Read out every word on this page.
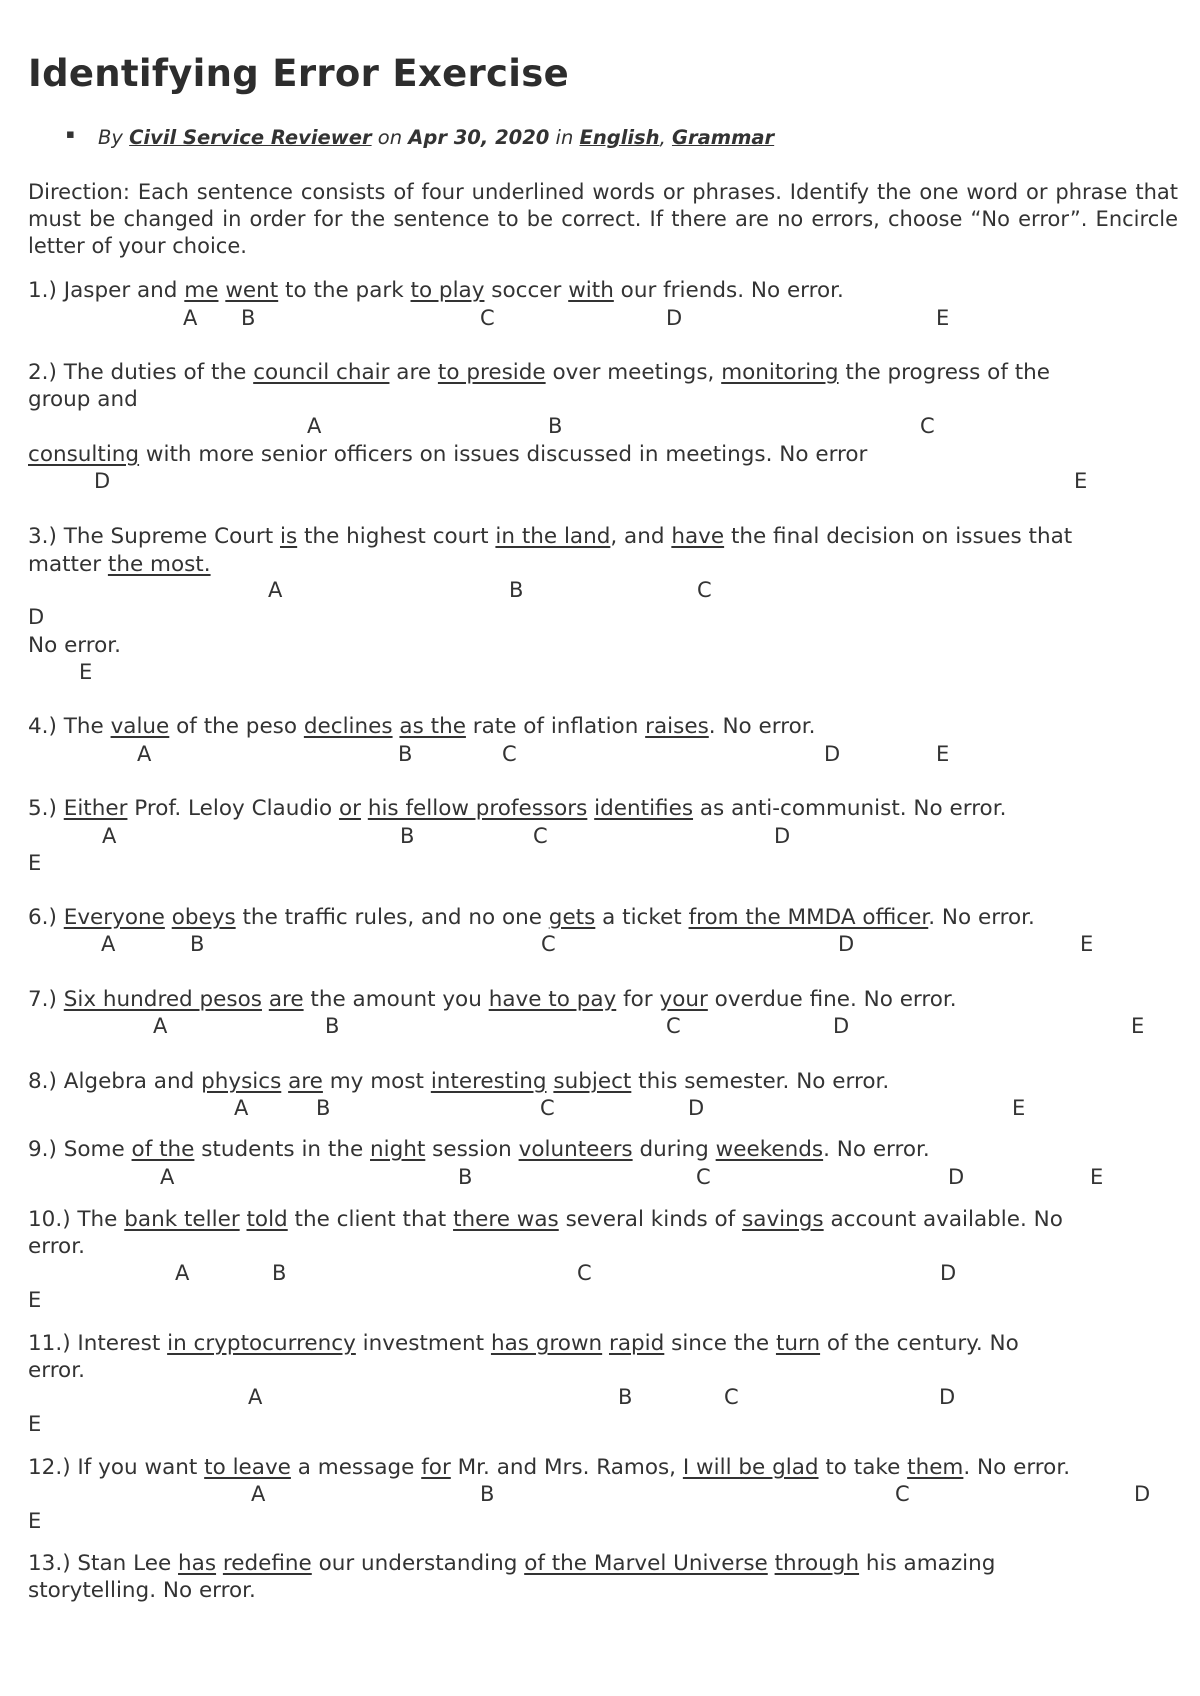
Identifying Error Exercise
▪ By Civil Service Reviewer on Apr 30, 2020 in English, Grammar
Direction: Each sentence consists of four underlined words or phrases. Identify the one word or phrase that must be changed in order for the sentence to be correct. If there are no errors, choose “No error”. Encircle letter of your choice.
1.) Jasper and me went to the park to play soccer with our friends. No error.
A B	C	D	E
2.) The duties of the council chair are to preside over meetings, monitoring the progress of the
group and
A	B	C
consulting with more senior officers on issues discussed in meetings. No error
D	E
3.) The Supreme Court is the highest court in the land, and have the final decision on issues that
matter the most.
A	B	C
D
No error.
E
4.) The value of the peso declines as the rate of inflation raises. No error.
A	B	C	D	E
5.) Either Prof. Leloy Claudio or his fellow professors identifies as anti-communist. No error.
A	B	C	D
E
6.) Everyone obeys the traffic rules, and no one gets a ticket from the MMDA officer. No error.
A	B	C	D	E
7.) Six hundred pesos are the amount you have to pay for your overdue fine. No error.
A	B	C	D	E
8.) Algebra and physics are my most interesting subject this semester. No error.
A	B	C	D	E
9.) Some of the students in the night session volunteers during weekends. No error.
A	B	C	D	E
10.) The bank teller told the client that there was several kinds of savings account available. No
error.
A	B	C	D
E
11.) Interest in cryptocurrency investment has grown rapid since the turn of the century. No
error.
A	B	C	D
E
12.) If you want to leave a message for Mr. and Mrs. Ramos, I will be glad to take them. No error.
A	B	C	D
E
13.) Stan Lee has redefine our understanding of the Marvel Universe through his amazing
storytelling. No error.
